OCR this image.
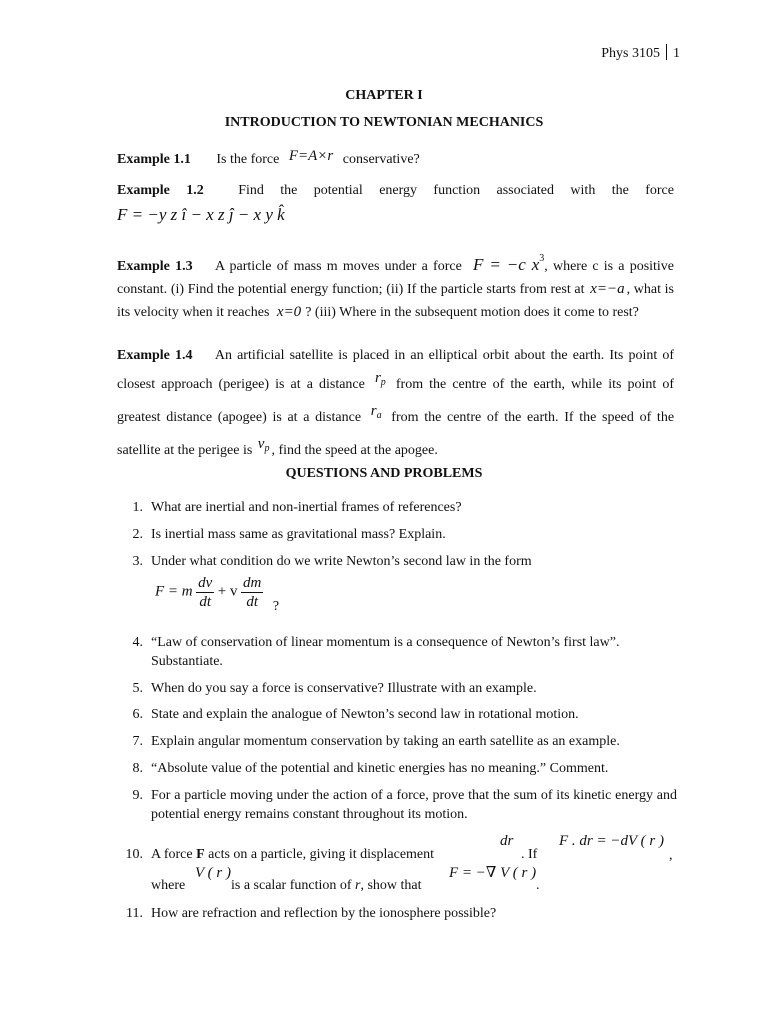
Phys 3105 1
CHAPTER I
INTRODUCTION TO NEWTONIAN MECHANICS
Example 1.1 Is the force F=A×r conservative?
Example 1.2 Find the potential energy function associated with the force
F = −y z î − x z ĵ − x y k̂
Example 1.3 A particle of mass m moves under a force F = −c $x^3$, where c is a positive constant. (i) Find the potential energy function; (ii) If the particle starts from rest at x=−a , what is its velocity when it reaches x=0 ? (iii) Where in the subsequent motion does it come to rest?
Example 1.4 An artificial satellite is placed in an elliptical orbit about the earth. Its point of closest approach (perigee) is at a distance $r_p$ from the centre of the earth, while its point of greatest distance (apogee) is at a distance $r_a$ from the centre of the earth. If the speed of the satellite at the perigee is $v_p$ , find the speed at the apogee.
QUESTIONS AND PROBLEMS
1. What are inertial and non-inertial frames of references?
2. Is inertial mass same as gravitational mass? Explain.
3. Under what condition do we write Newton’s second law in the form
F = m $\frac{dv}{dt} + v \frac{dm}{dt}$ ?
4. “Law of conservation of linear momentum is a consequence of Newton’s first law”. Substantiate.
5. When do you say a force is conservative? Illustrate with an example.
6. State and explain the analogue of Newton’s second law in rotational motion.
7. Explain angular momentum conservation by taking an earth satellite as an example.
8. “Absolute value of the potential and kinetic energies has no meaning.” Comment.
9. For a particle moving under the action of a force, prove that the sum of its kinetic energy and potential energy remains constant throughout its motion.
10. A force F acts on a particle, giving it displacement
dr
. If
F . dr = −dV ( r )
,
where
V ( r )
is a scalar function of r, show that
F = −∇ V ( r )
.
11. How are refraction and reflection by the ionosphere possible?
